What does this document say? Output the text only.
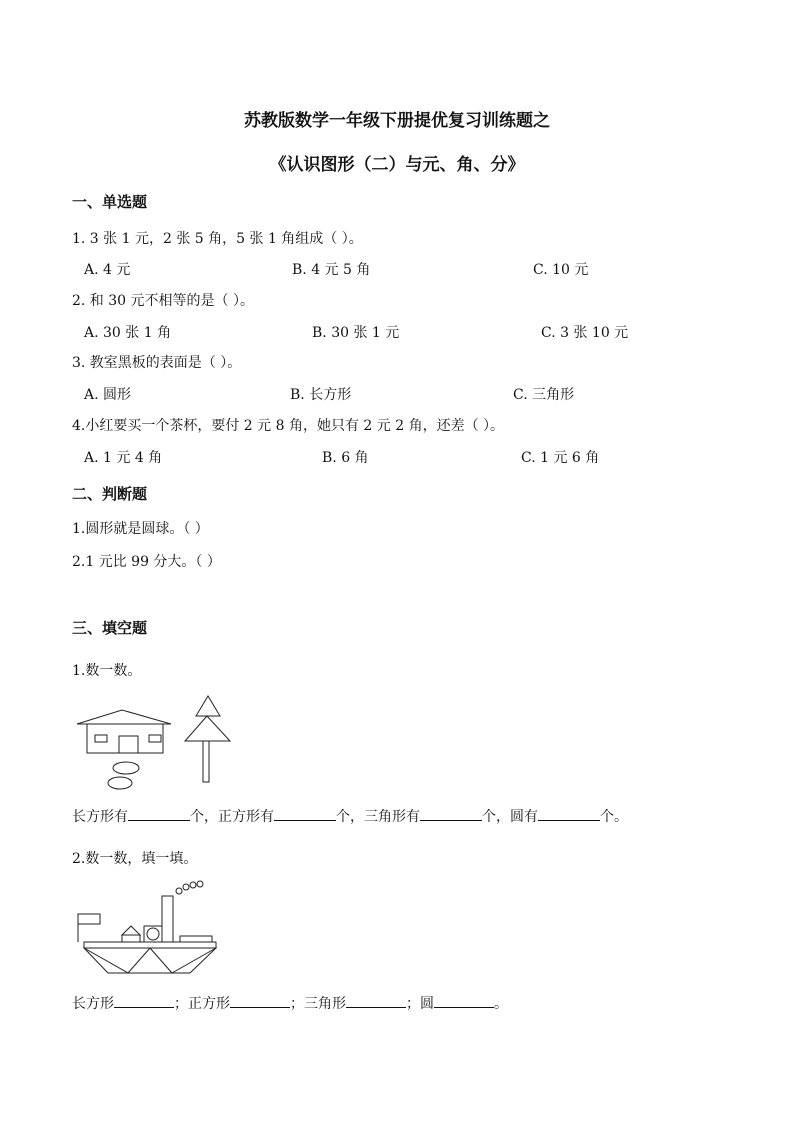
苏教版数学一年级下册提优复习训练题之
《认识图形（二）与元、角、分》
一、单选题
1. 3 张 1 元，2 张 5 角，5 张 1 角组成（ ）。
A. 4 元	B. 4 元 5 角	C. 10 元
2. 和 30 元不相等的是（ ）。
A. 30 张 1 角	B. 30 张 1 元	C. 3 张 10 元
3. 教室黑板的表面是（ ）。
A. 圆形	B. 长方形	C. 三角形
4.小红要买一个茶杯，要付 2 元 8 角，她只有 2 元 2 角，还差（ ）。
A. 1 元 4 角	B. 6 角	C. 1 元 6 角
二、判断题
1.圆形就是圆球。（ ）
2.1 元比 99 分大。（ ）
三、填空题
1.数一数。
长方形有	个，正方形有	个，三角形有	个，圆有	个。
2.数一数，填一填。
长方形	；正方形	；三角形	；圆	。
